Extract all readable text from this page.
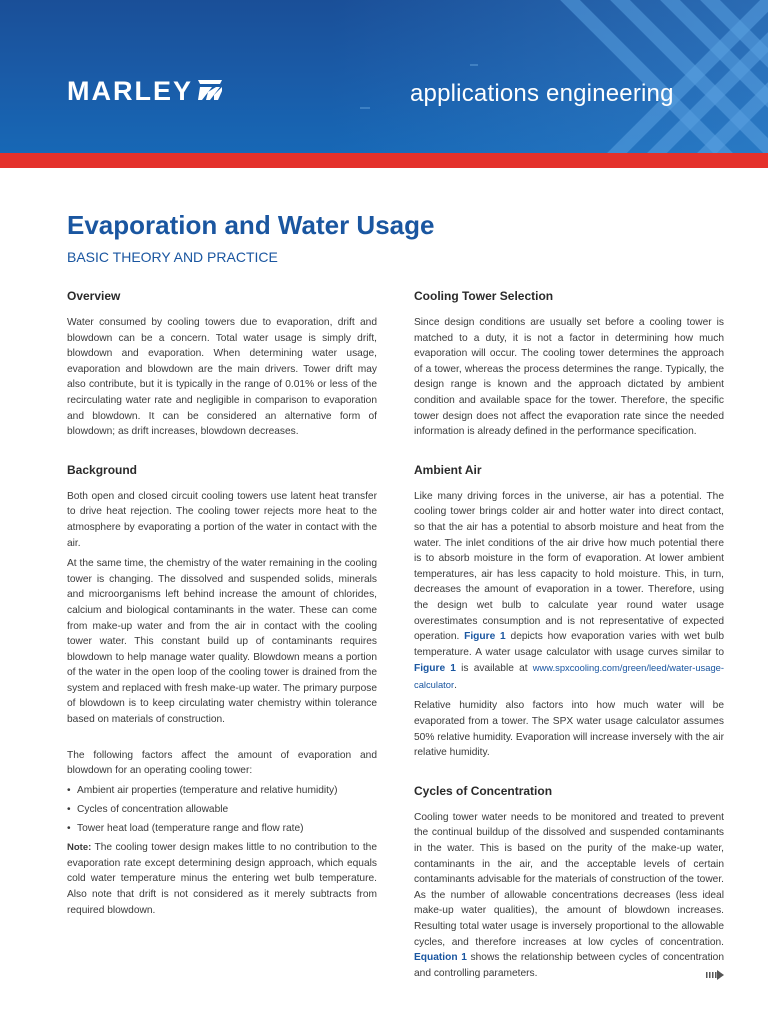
MARLEY	applications engineering
Evaporation and Water Usage
BASIC THEORY AND PRACTICE
Overview

Water consumed by cooling towers due to evaporation, drift and blowdown can be a concern. Total water usage is simply drift, blowdown and evaporation. When determining water usage, evaporation and blowdown are the main drivers. Tower drift may also contribute, but it is typically in the range of 0.01% or less of the recirculating water rate and negligible in comparison to evaporation and blowdown. It can be considered an alternative form of blowdown; as drift increases, blowdown decreases.

Background

Both open and closed circuit cooling towers use latent heat transfer to drive heat rejection. The cooling tower rejects more heat to the atmosphere by evaporating a portion of the water in contact with the air.

At the same time, the chemistry of the water remaining in the cooling tower is changing. The dissolved and suspended solids, minerals and microorganisms left behind increase the amount of chlorides, calcium and biological contaminants in the water. These can come from make-up water and from the air in contact with the cooling tower water. This constant build up of contaminants requires blowdown to help manage water quality. Blowdown means a portion of the water in the open loop of the cooling tower is drained from the system and replaced with fresh make-up water. The primary purpose of blowdown is to keep circulating water chemistry within tolerance based on materials of construction.

The following factors affect the amount of evaporation and blowdown for an operating cooling tower:

• Ambient air properties (temperature and relative humidity)
• Cycles of concentration allowable
• Tower heat load (temperature range and flow rate)

Note: The cooling tower design makes little to no contribution to the evaporation rate except determining design approach, which equals cold water temperature minus the entering wet bulb temperature. Also note that drift is not considered as it merely subtracts from required blowdown.

Cooling Tower Selection

Since design conditions are usually set before a cooling tower is matched to a duty, it is not a factor in determining how much evaporation will occur. The cooling tower determines the approach of a tower, whereas the process determines the range. Typically, the design range is known and the approach dictated by ambient condition and available space for the tower. Therefore, the specific tower design does not affect the evaporation rate since the needed information is already defined in the performance specification.

Ambient Air

Like many driving forces in the universe, air has a potential. The cooling tower brings colder air and hotter water into direct contact, so that the air has a potential to absorb moisture and heat from the water. The inlet conditions of the air drive how much potential there is to absorb moisture in the form of evaporation. At lower ambient temperatures, air has less capacity to hold moisture. This, in turn, decreases the amount of evaporation in a tower. Therefore, using the design wet bulb to calculate year round water usage overestimates consumption and is not representative of expected operation. Figure 1 depicts how evaporation varies with wet bulb temperature. A water usage calculator with usage curves similar to Figure 1 is available at www.spxcooling.com/green/leed/water-usage-calculator.

Relative humidity also factors into how much water will be evaporated from a tower. The SPX water usage calculator assumes 50% relative humidity. Evaporation will increase inversely with the air relative humidity.

Cycles of Concentration

Cooling tower water needs to be monitored and treated to prevent the continual buildup of the dissolved and suspended contaminants in the water. This is based on the purity of the make-up water, contaminants in the air, and the acceptable levels of certain contaminants advisable for the materials of construction of the tower. As the number of allowable concentrations decreases (less ideal make-up water qualities), the amount of blowdown increases. Resulting total water usage is inversely proportional to the allowable cycles, and therefore increases at low cycles of concentration. Equation 1 shows the relationship between cycles of concentration and controlling parameters.
